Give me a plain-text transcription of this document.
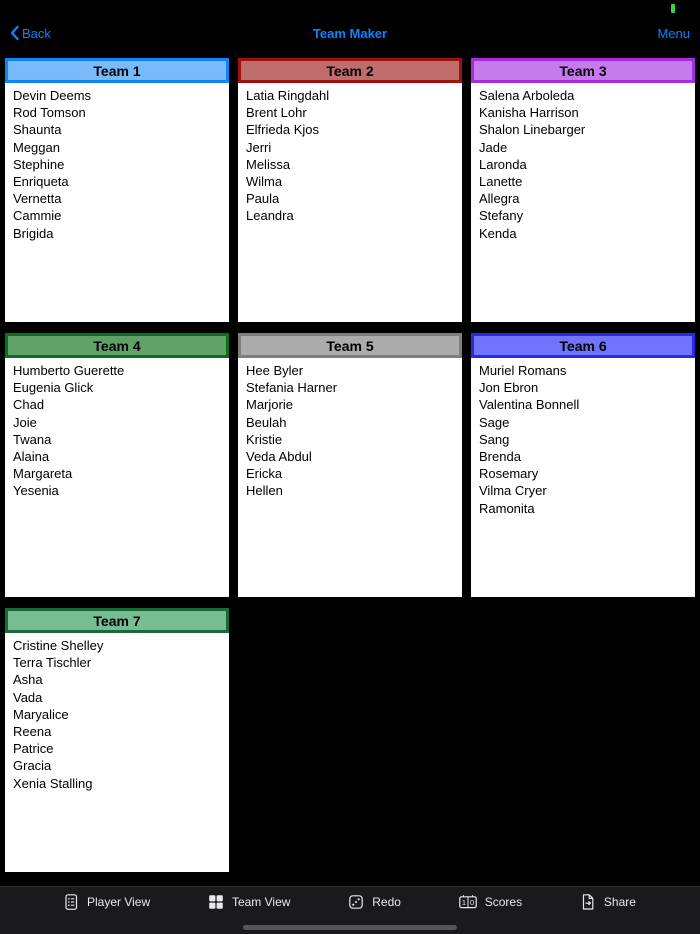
Back	Team Maker	Menu
Team 1
Devin Deems
Rod Tomson
Shaunta
Meggan
Stephine
Enriqueta
Vernetta
Cammie
Brigida
Team 2
Latia Ringdahl
Brent Lohr
Elfrieda Kjos
Jerri
Melissa
Wilma
Paula
Leandra
Team 3
Salena Arboleda
Kanisha Harrison
Shalon Linebarger
Jade
Laronda
Lanette
Allegra
Stefany
Kenda
Team 4
Humberto Guerette
Eugenia Glick
Chad
Joie
Twana
Alaina
Margareta
Yesenia
Team 5
Hee Byler
Stefania Harner
Marjorie
Beulah
Kristie
Veda Abdul
Ericka
Hellen
Team 6
Muriel Romans
Jon Ebron
Valentina Bonnell
Sage
Sang
Brenda
Rosemary
Vilma Cryer
Ramonita
Team 7
Cristine Shelley
Terra Tischler
Asha
Vada
Maryalice
Reena
Patrice
Gracia
Xenia Stalling
Player View	Team View	Redo	1 0 Scores	Share
